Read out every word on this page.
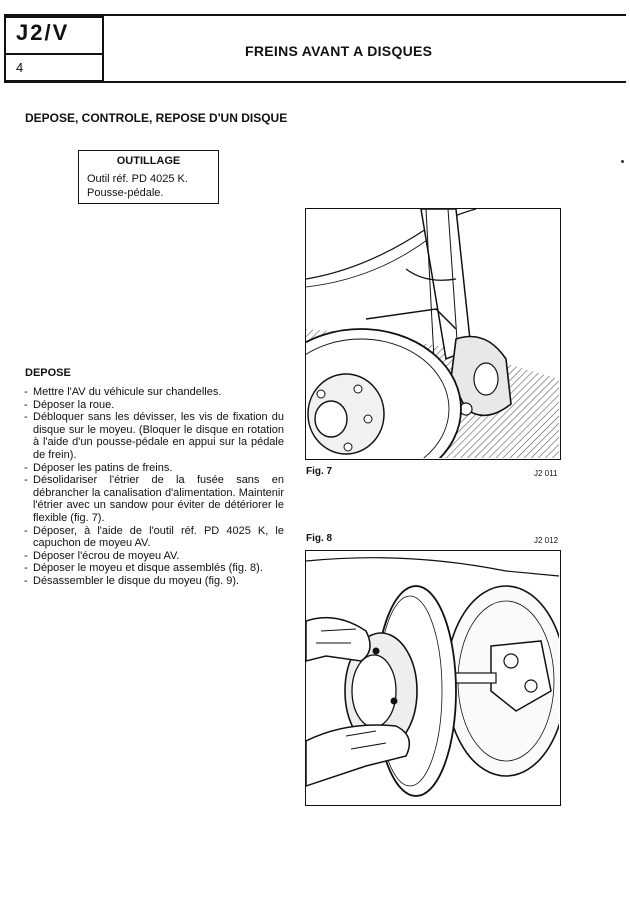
J2/V
4
FREINS AVANT A DISQUES
DEPOSE, CONTROLE, REPOSE D'UN DISQUE
OUTILLAGE
Outil réf. PD 4025 K.
Pousse-pédale.
DEPOSE
- Mettre l'AV du véhicule sur chandelles.
- Déposer la roue.
- Débloquer sans les dévisser, les vis de fixation du disque sur le moyeu. (Bloquer le disque en rotation à l'aide d'un pousse-pédale en appui sur la pédale de frein).
- Déposer les patins de freins.
- Désolidariser l'étrier de la fusée sans en débrancher la canalisation d'alimentation. Maintenir l'étrier avec un sandow pour éviter de détériorer le flexible (fig. 7).
- Déposer, à l'aide de l'outil réf. PD 4025 K, le capuchon de moyeu AV.
- Déposer l'écrou de moyeu AV.
- Déposer le moyeu et disque assemblés (fig. 8).
- Désassembler le disque du moyeu (fig. 9).
Fig. 7	J2 011
Fig. 8	J2 012
